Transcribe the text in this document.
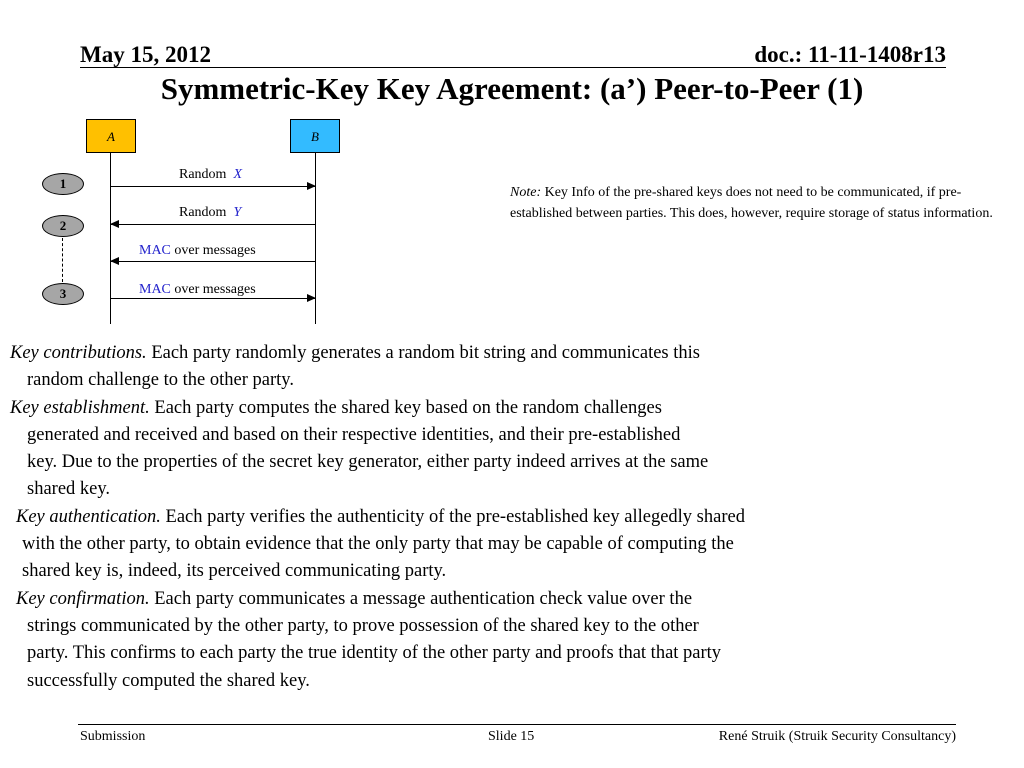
May 15, 2012	doc.: 11-11-1408r13
Symmetric-Key Key Agreement: (a’) Peer-to-Peer (1)
A	B
1
2
3
Random X
Random Y
MAC over messages
MAC over messages
Note: Key Info of the pre-shared keys does not need to be communicated, if pre-established between parties. This does, however, require storage of status information.
Key contributions. Each party randomly generates a random bit string and communicates this
random challenge to the other party.
Key establishment. Each party computes the shared key based on the random challenges
generated and received and based on their respective identities, and their pre-established
key. Due to the properties of the secret key generator, either party indeed arrives at the same
shared key.
Key authentication. Each party verifies the authenticity of the pre-established key allegedly shared
with the other party, to obtain evidence that the only party that may be capable of computing the
shared key is, indeed, its perceived communicating party.
Key confirmation. Each party communicates a message authentication check value over the
strings communicated by the other party, to prove possession of the shared key to the other
party. This confirms to each party the true identity of the other party and proofs that that party
successfully computed the shared key.
Submission	Slide 15	René Struik (Struik Security Consultancy)
